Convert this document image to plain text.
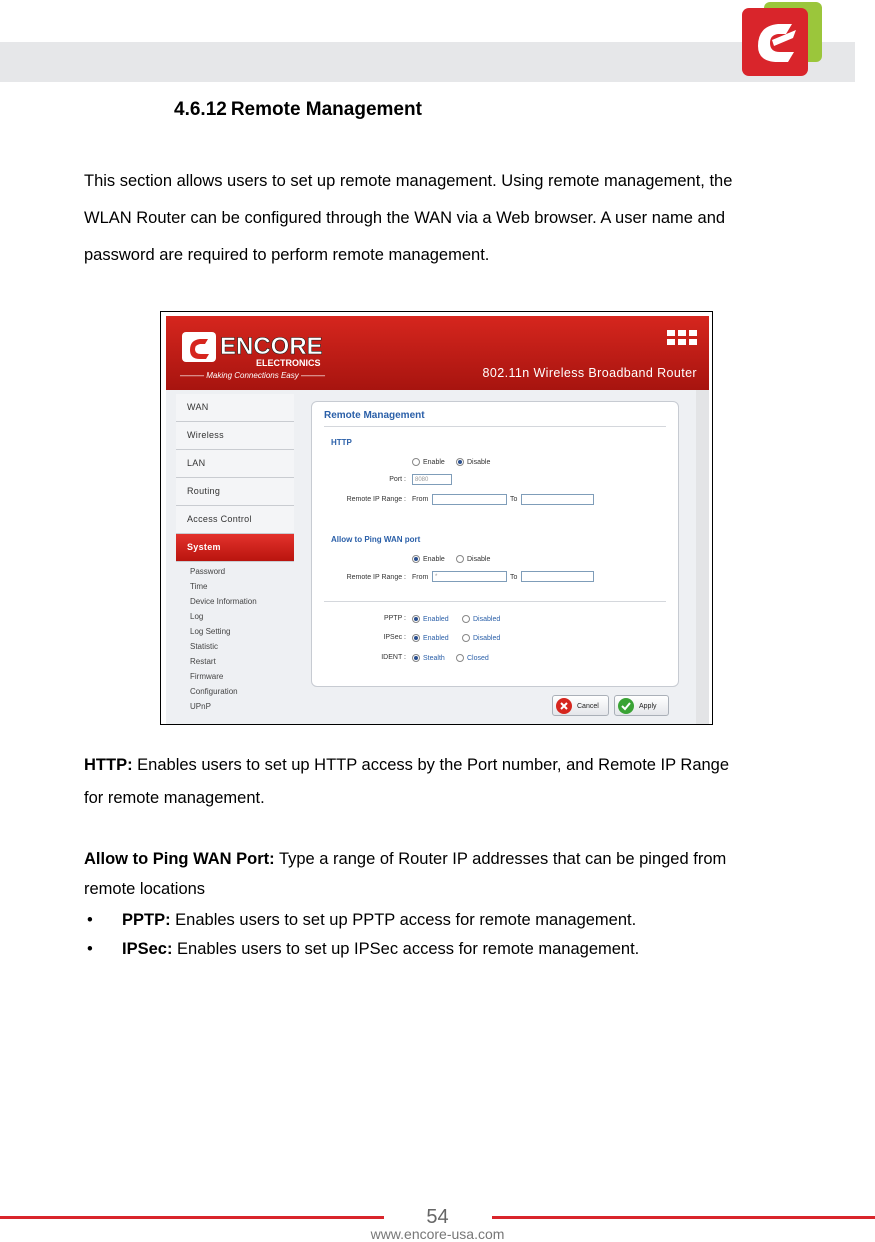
4.6.12 Remote Management
This section allows users to set up remote management. Using remote management, the
WLAN Router can be configured through the WAN via a Web browser. A user name and
password are required to perform remote management.
ENCORE
ELECTRONICS
——— Making Connections Easy ———	802.11n Wireless Broadband Router
WAN
Wireless
LAN
Routing
Access Control
System
Password
Time
Device Information
Log
Log Setting
Statistic
Restart
Firmware
Configuration
UPnP
Remote Management
HTTP
Enable	Disable
Port :	8080
Remote IP Range : From	To
Allow to Ping WAN port
Enable	Disable
Remote IP Range : From	*	To
PPTP :	Enabled	Disabled
IPSec :	Enabled	Disabled
IDENT :	Stealth	Closed
Cancel	Apply
HTTP: Enables users to set up HTTP access by the Port number, and Remote IP Range
for remote management.
Allow to Ping WAN Port: Type a range of Router IP addresses that can be pinged from
remote locations
• PPTP: Enables users to set up PPTP access for remote management.
• IPSec: Enables users to set up IPSec access for remote management.
54
www.encore-usa.com
